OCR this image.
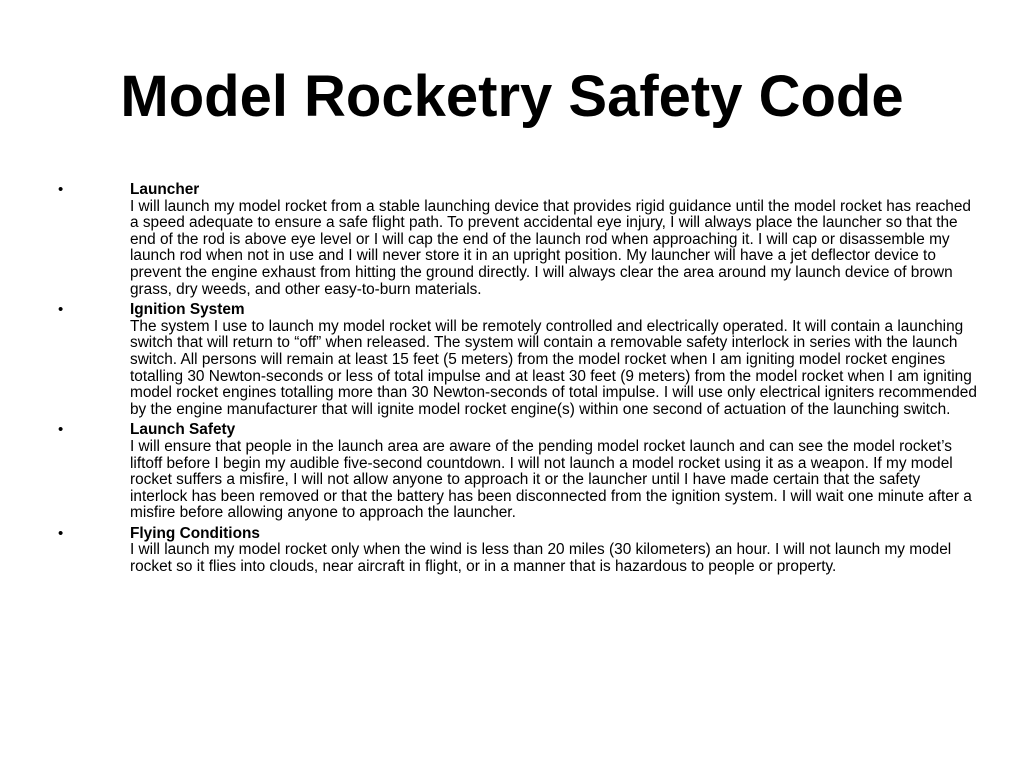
Model Rocketry Safety Code
•	Launcher
I will launch my model rocket from a stable launching device that provides rigid guidance until the model rocket has reached a speed adequate to ensure a safe flight path. To prevent accidental eye injury, I will always place the launcher so that the end of the rod is above eye level or I will cap the end of the launch rod when approaching it. I will cap or disassemble my launch rod when not in use and I will never store it in an upright position. My launcher will have a jet deflector device to prevent the engine exhaust from hitting the ground directly. I will always clear the area around my launch device of brown grass, dry weeds, and other easy-to-burn materials.
•	Ignition System
The system I use to launch my model rocket will be remotely controlled and electrically operated. It will contain a launching switch that will return to “off” when released. The system will contain a removable safety interlock in series with the launch switch. All persons will remain at least 15 feet (5 meters) from the model rocket when I am igniting model rocket engines totalling 30 Newton-seconds or less of total impulse and at least 30 feet (9 meters) from the model rocket when I am igniting model rocket engines totalling more than 30 Newton-seconds of total impulse. I will use only electrical igniters recommended by the engine manufacturer that will ignite model rocket engine(s) within one second of actuation of the launching switch.
•	Launch Safety
I will ensure that people in the launch area are aware of the pending model rocket launch and can see the model rocket’s liftoff before I begin my audible five-second countdown. I will not launch a model rocket using it as a weapon. If my model rocket suffers a misfire, I will not allow anyone to approach it or the launcher until I have made certain that the safety interlock has been removed or that the battery has been disconnected from the ignition system. I will wait one minute after a misfire before allowing anyone to approach the launcher.
•	Flying Conditions
I will launch my model rocket only when the wind is less than 20 miles (30 kilometers) an hour. I will not launch my model rocket so it flies into clouds, near aircraft in flight, or in a manner that is hazardous to people or property.
